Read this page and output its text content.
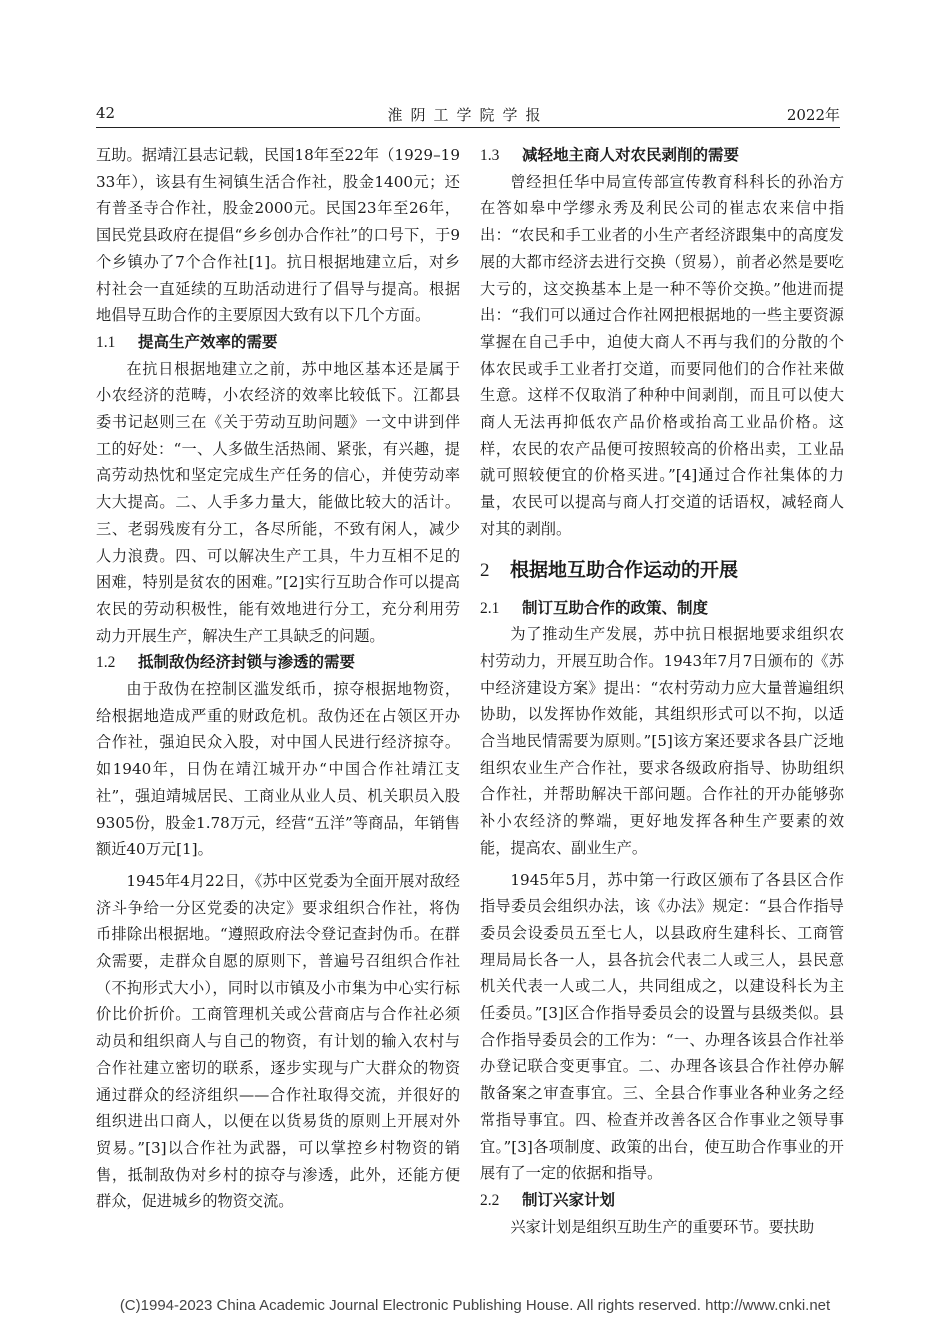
42	淮阴工学院学报	2022年

互助。据靖江县志记载，民国18年至22年（1929–1933年），该县有生祠镇生活合作社，股金1400元；还有普圣寺合作社，股金2000元。民国23年至26年，国民党县政府在提倡“乡乡创办合作社”的口号下，于9个乡镇办了7个合作社[1]。抗日根据地建立后，对乡村社会一直延续的互助活动进行了倡导与提高。根据地倡导互助合作的主要原因大致有以下几个方面。

1.1 提高生产效率的需要

在抗日根据地建立之前，苏中地区基本还是属于小农经济的范畴，小农经济的效率比较低下。江都县委书记赵则三在《关于劳动互助问题》一文中讲到伴工的好处：“一、人多做生活热闹、紧张，有兴趣，提高劳动热忱和坚定完成生产任务的信心，并使劳动率大大提高。二、人手多力量大，能做比较大的活计。三、老弱残废有分工，各尽所能，不致有闲人，减少人力浪费。四、可以解决生产工具，牛力互相不足的困难，特别是贫农的困难。”[2]实行互助合作可以提高农民的劳动积极性，能有效地进行分工，充分利用劳动力开展生产，解决生产工具缺乏的问题。

1.2 抵制敌伪经济封锁与渗透的需要

由于敌伪在控制区滥发纸币，掠夺根据地物资，给根据地造成严重的财政危机。敌伪还在占领区开办合作社，强迫民众入股，对中国人民进行经济掠夺。如1940年，日伪在靖江城开办“中国合作社靖江支社”，强迫靖城居民、工商业从业人员、机关职员入股9305份，股金1.78万元，经营“五洋”等商品，年销售额近40万元[1]。

1945年4月22日，《苏中区党委为全面开展对敌经济斗争给一分区党委的决定》要求组织合作社，将伪币排除出根据地。“遵照政府法令登记查封伪币。在群众需要，走群众自愿的原则下，普遍号召组织合作社（不拘形式大小），同时以市镇及小市集为中心实行标价比价折价。工商管理机关或公营商店与合作社必须动员和组织商人与自己的物资，有计划的输入农村与合作社建立密切的联系，逐步实现与广大群众的物资通过群众的经济组织——合作社取得交流，并很好的组织进出口商人，以便在以货易货的原则上开展对外贸易。”[3]以合作社为武器，可以掌控乡村物资的销售，抵制敌伪对乡村的掠夺与渗透，此外，还能方便群众，促进城乡的物资交流。

1.3 减轻地主商人对农民剥削的需要

曾经担任华中局宣传部宣传教育科科长的孙治方在答如皋中学缪永秀及利民公司的崔志农来信中指出：“农民和手工业者的小生产者经济跟集中的高度发展的大都市经济去进行交换（贸易），前者必然是要吃大亏的，这交换基本上是一种不等价交换。”他进而提出：“我们可以通过合作社网把根据地的一些主要资源掌握在自己手中，迫使大商人不再与我们的分散的个体农民或手工业者打交道，而要同他们的合作社来做生意。这样不仅取消了种种中间剥削，而且可以使大商人无法再抑低农产品价格或抬高工业品价格。这样，农民的农产品便可按照较高的价格出卖，工业品就可照较便宜的价格买进。”[4]通过合作社集体的力量，农民可以提高与商人打交道的话语权，减轻商人对其的剥削。

2 根据地互助合作运动的开展
2.1 制订互助合作的政策、制度

为了推动生产发展，苏中抗日根据地要求组织农村劳动力，开展互助合作。1943年7月7日颁布的《苏中经济建设方案》提出：“农村劳动力应大量普遍组织协助，以发挥协作效能，其组织形式可以不拘，以适合当地民情需要为原则。”[5]该方案还要求各县广泛地组织农业生产合作社，要求各级政府指导、协助组织合作社，并帮助解决干部问题。合作社的开办能够弥补小农经济的弊端，更好地发挥各种生产要素的效能，提高农、副业生产。

1945年5月，苏中第一行政区颁布了各县区合作指导委员会组织办法，该《办法》规定：“县合作指导委员会设委员五至七人，以县政府生建科长、工商管理局局长各一人，县各抗会代表二人或三人，县民意机关代表一人或二人，共同组成之，以建设科长为主任委员。”[3]区合作指导委员会的设置与县级类似。县合作指导委员会的工作为：“一、办理各该县合作社举办登记联合变更事宜。二、办理各该县合作社停办解散备案之审查事宜。三、全县合作事业各种业务之经常指导事宜。四、检查并改善各区合作事业之领导事宜。”[3]各项制度、政策的出台，使互助合作事业的开展有了一定的依据和指导。

2.2 制订兴家计划

兴家计划是组织互助生产的重要环节。要扶助

(C)1994-2023 China Academic Journal Electronic Publishing House. All rights reserved. http://www.cnki.net
